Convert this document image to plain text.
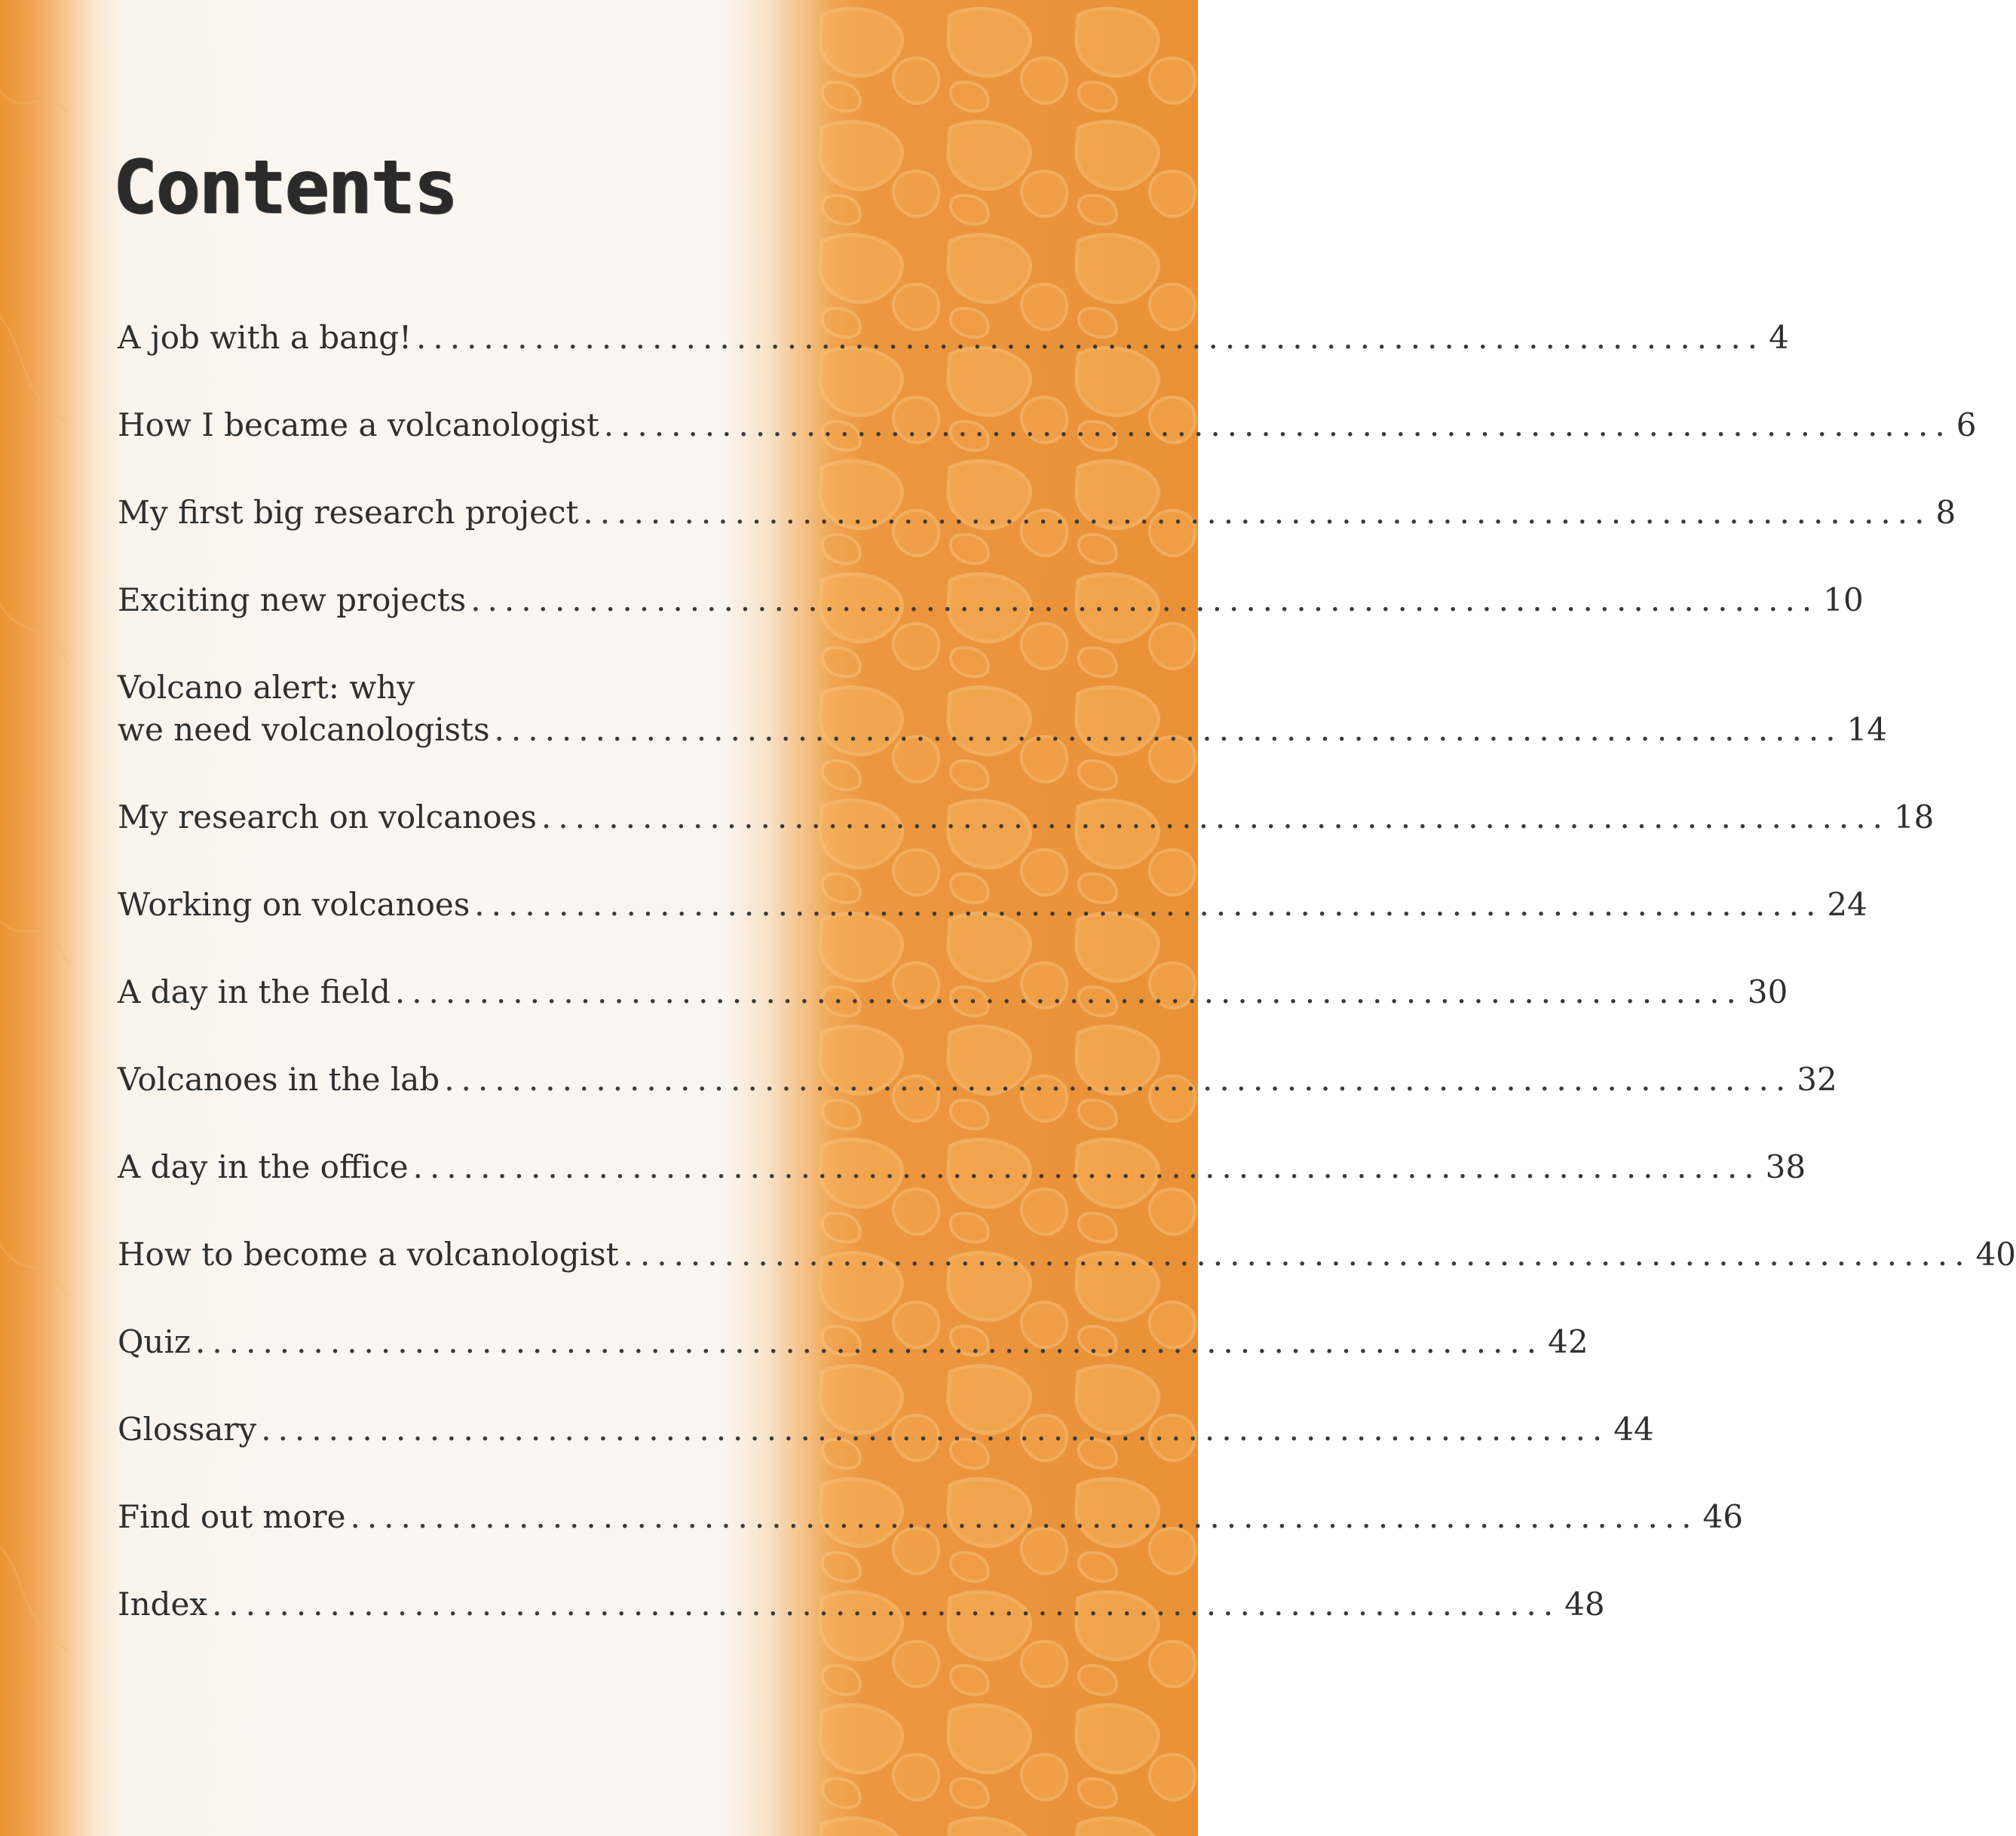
Contents
A job with a bang! ................................................................................ 4
How I became a volcanologist ................................................................................ 6
My first big research project ................................................................................ 8
Exciting new projects ................................................................................ 10
Volcano alert: why
we need volcanologists ................................................................................ 14
My research on volcanoes ................................................................................ 18
Working on volcanoes ................................................................................ 24
A day in the field ................................................................................ 30
Volcanoes in the lab ................................................................................ 32
A day in the office ................................................................................ 38
How to become a volcanologist ................................................................................ 40
Quiz ................................................................................ 42
Glossary ................................................................................ 44
Find out more ................................................................................ 46
Index ................................................................................ 48
